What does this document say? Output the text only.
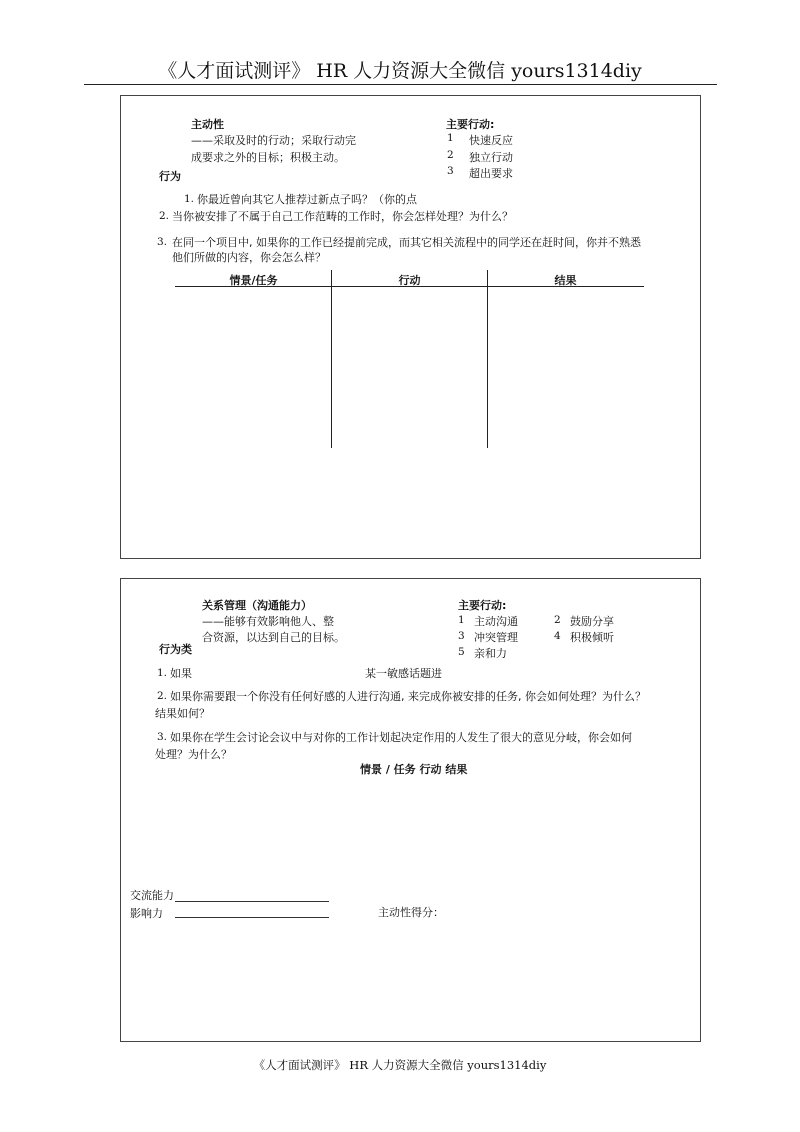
《人才面试测评》 HR 人力资源大全微信 yours1314diy
主动性
——采取及时的行动；采取行动完
成要求之外的目标；积极主动。
主要行动:
1 快速反应
2 独立行动
3 超出要求
行为
1. 你最近曾向其它人推荐过新点子吗？（你的点
2. 当你被安排了不属于自己工作范畴的工作时，你会怎样处理？为什么？
3. 在同一个项目中, 如果你的工作已经提前完成，而其它相关流程中的同学还在赶时间，你并不熟悉
他们所做的内容，你会怎么样？
情景/任务	行动	结果
关系管理（沟通能力）
——能够有效影响他人、整
合资源，以达到自己的目标。
主要行动:
1 主动沟通	2 鼓励分享
3 冲突管理	4 积极倾听
5 亲和力
行为类
1. 如果	某一敏感话题进
2. 如果你需要跟一个你没有任何好感的人进行沟通, 来完成你被安排的任务, 你会如何处理？为什么？
结果如何？
3. 如果你在学生会讨论会议中与对你的工作计划起决定作用的人发生了很大的意见分岐，你会如何
处理？为什么？
情景 / 任务 行动 结果
交流能力
影响力	主动性得分：
《人才面试测评》 HR 人力资源大全微信 yours1314diy
